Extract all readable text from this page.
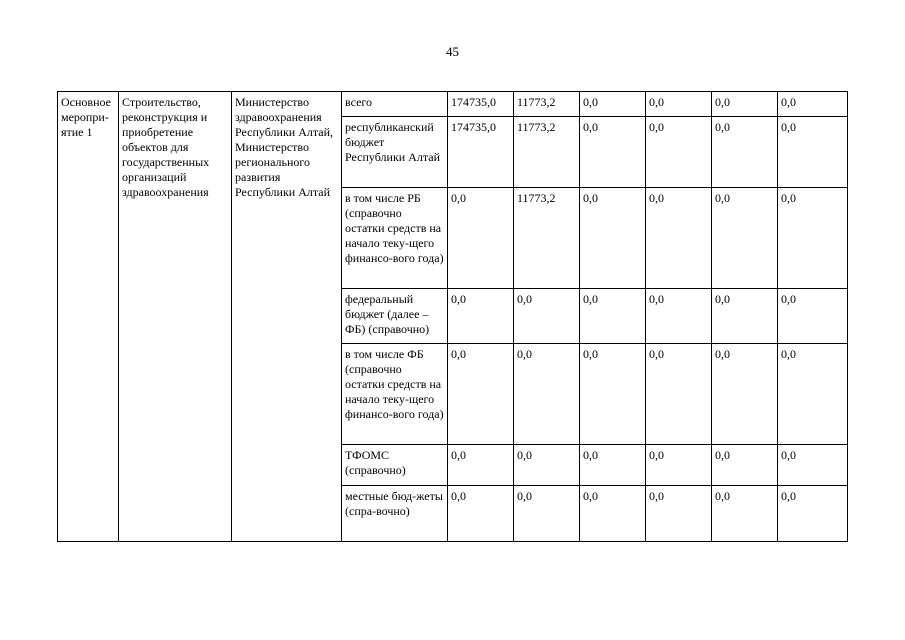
45
Основное меропри-ятие 1	Строительство, реконструкция и приобретение объектов для государственных организаций здравоохранения	Министерство здравоохранения Республики Алтай, Министерство регионального развития Республики Алтай	всего	174735,0	11773,2	0,0	0,0	0,0	0,0
			республиканский бюджет Республики Алтай	174735,0	11773,2	0,0	0,0	0,0	0,0
			в том числе РБ (справочно остатки средств на начало теку-щего финансо-вого года)	0,0	11773,2	0,0	0,0	0,0	0,0
			федеральный бюджет (далее – ФБ) (справочно)	0,0	0,0	0,0	0,0	0,0	0,0
			в том числе ФБ (справочно остатки средств на начало теку-щего финансо-вого года)	0,0	0,0	0,0	0,0	0,0	0,0
			ТФОМС (справочно)	0,0	0,0	0,0	0,0	0,0	0,0
			местные бюд-жеты (спра-вочно)	0,0	0,0	0,0	0,0	0,0	0,0
